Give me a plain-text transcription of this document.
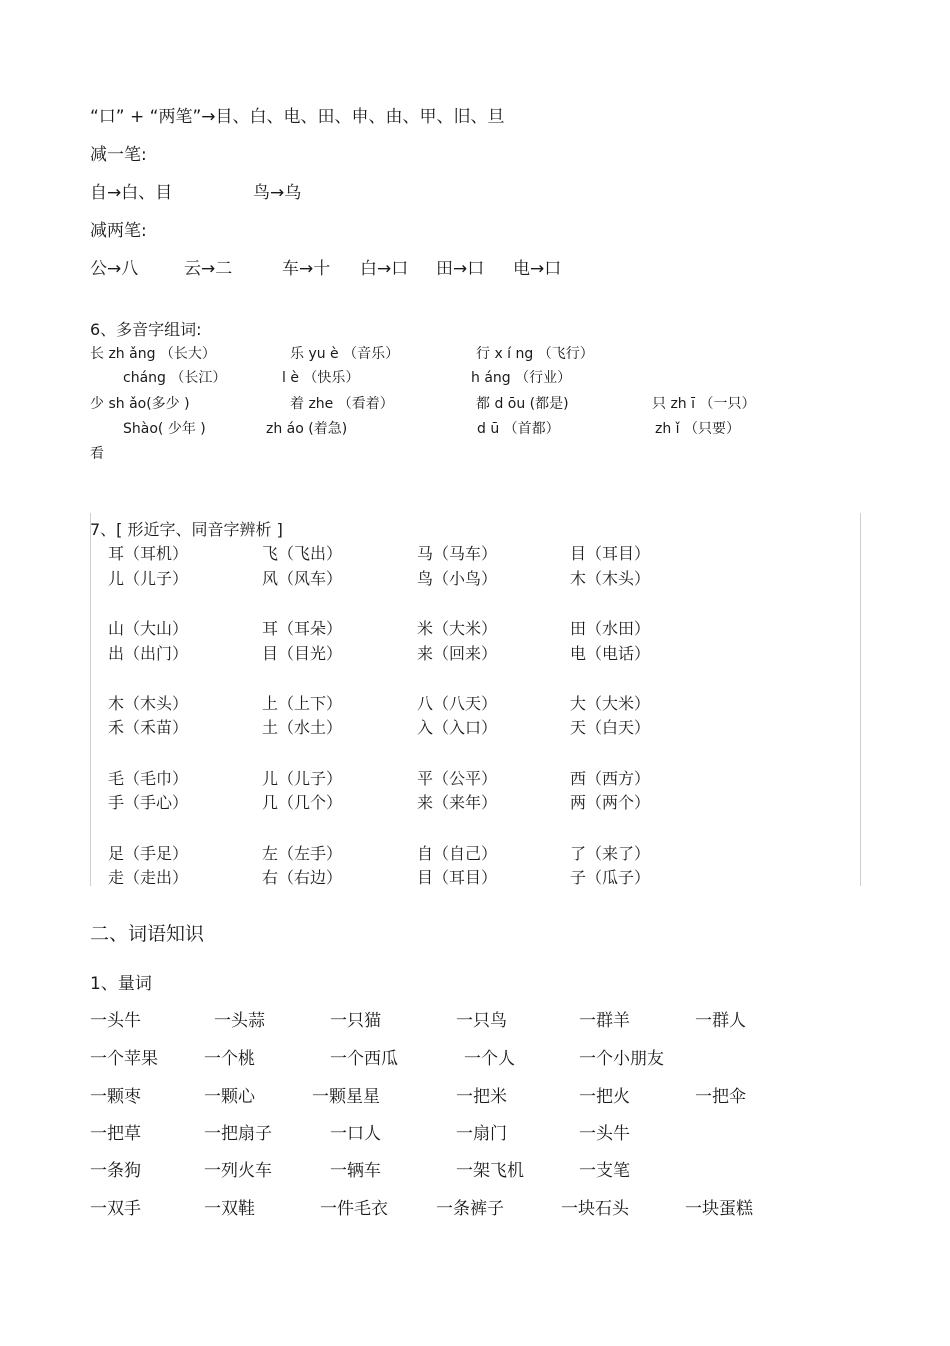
“口” + “两笔”→目、白、电、田、申、由、甲、旧、旦
减一笔:
自→白、目	鸟→乌
减两笔:
公→八	云→二	车→十 白→口 田→口 电→口
6、多音字组词:
长 zh ǎng （长大）	乐 yu è （音乐）	行 x í ng （飞行）
cháng （长江）	l è （快乐）	h áng （行业）
少 sh ǎo(多少 )	着 zhe （看着）	都 d ōu (都是)	只 zh ī （一只）
Shào( 少年 )	zh áo (着急)	d ū （首都）	zh ǐ （只要）
看
7、[ 形近字、同音字辨析 ]
耳（耳机）	飞（飞出）	马（马车）	目（耳目）
儿（儿子）	风（风车）	鸟（小鸟）	木（木头）
山（大山）	耳（耳朵）	米（大米）	田（水田）
出（出门）	目（目光）	来（回来）	电（电话）
木（木头）	上（上下）	八（八天）	大（大米）
禾（禾苗）	土（水土）	入（入口）	天（白天）
毛（毛巾）	儿（儿子）	平（公平）	西（西方）
手（手心）	几（几个）	来（来年）	两（两个）
足（手足）	左（左手）	自（自己）	了（来了）
走（走出）	右（右边）	目（耳目）	子（瓜子）
二、词语知识
1、量词
一头牛	一头蒜	一只猫	一只鸟	一群羊	一群人
一个苹果	一个桃	一个西瓜	一个人	一个小朋友
一颗枣	一颗心	一颗星星	一把米	一把火	一把伞
一把草	一把扇子	一口人	一扇门	一头牛
一条狗	一列火车	一辆车	一架飞机	一支笔
一双手	一双鞋	一件毛衣	一条裤子	一块石头	一块蛋糕
